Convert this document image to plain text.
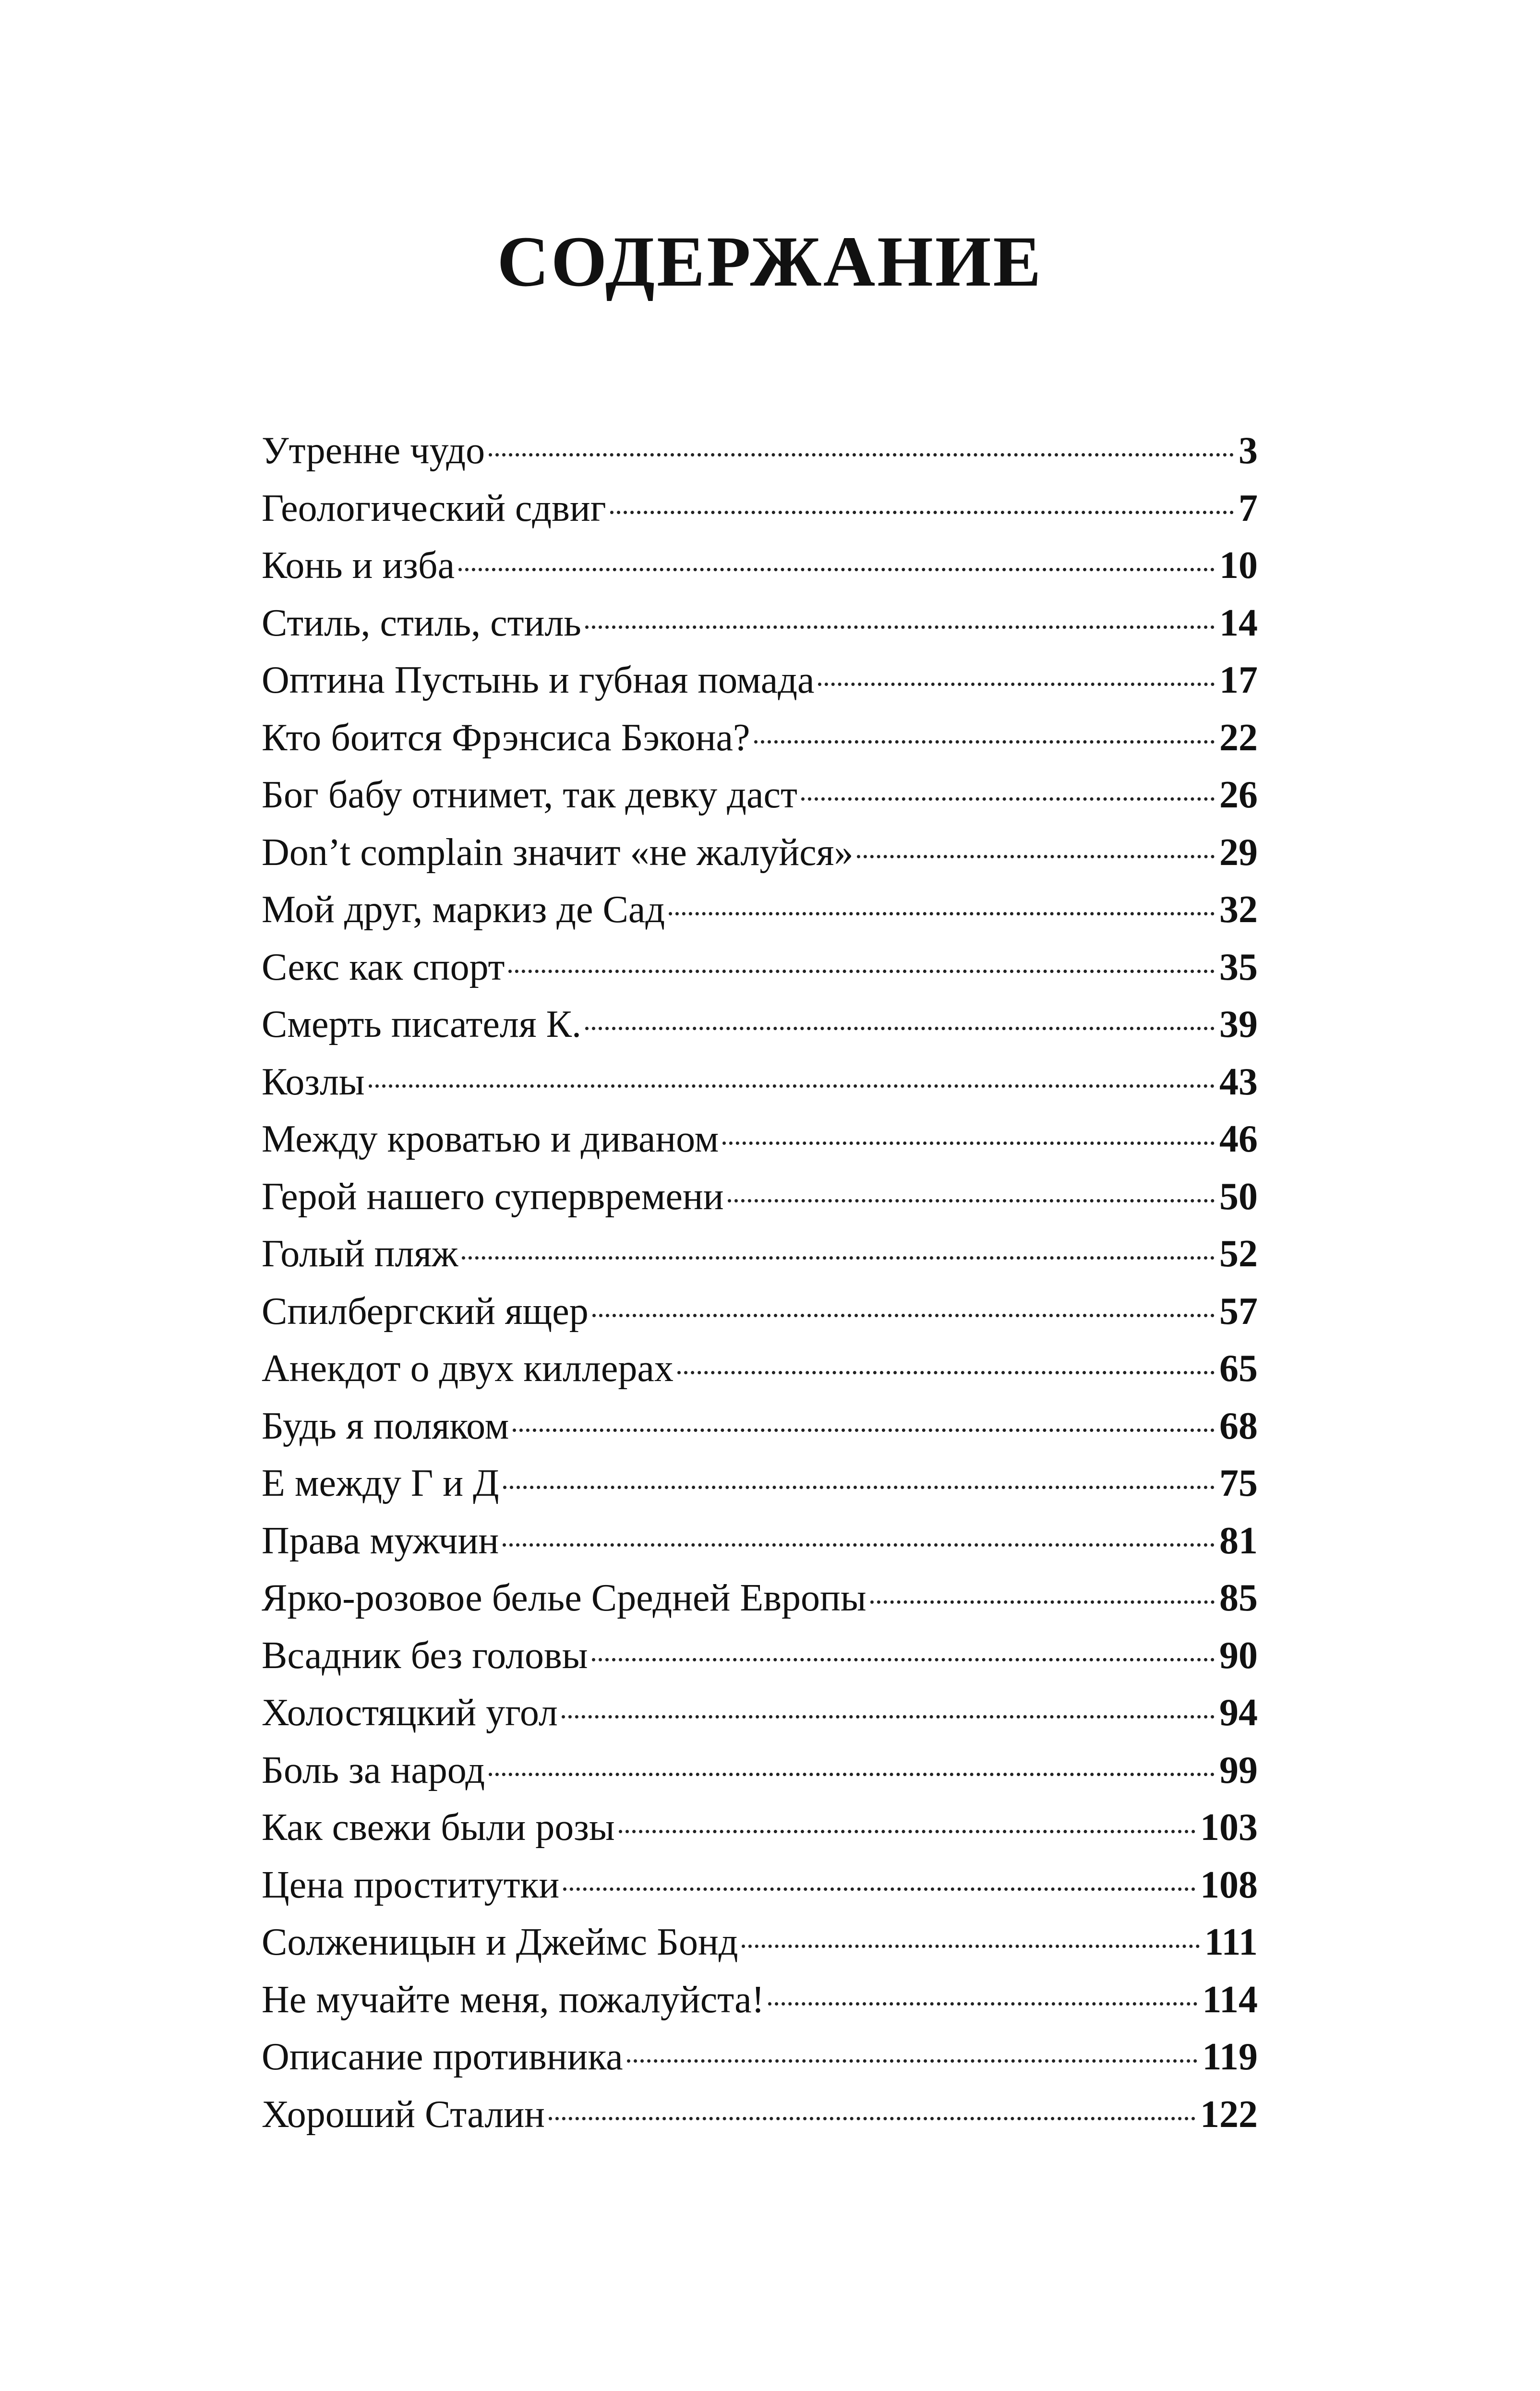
СОДЕРЖАНИЕ
Утренне чудо	3
Геологический сдвиг	7
Конь и изба	10
Стиль, стиль, стиль	14
Оптина Пустынь и губная помада	17
Кто боится Фрэнсиса Бэкона?	22
Бог бабу отнимет, так девку даст	26
Don’t complain значит «не жалуйся»	29
Мой друг, маркиз де Сад	32
Секс как спорт	35
Смерть писателя К.	39
Козлы	43
Между кроватью и диваном	46
Герой нашего супервремени	50
Голый пляж	52
Спилбергский ящер	57
Анекдот о двух киллерах	65
Будь я поляком	68
Е между Г и Д	75
Права мужчин	81
Ярко-розовое белье Средней Европы	85
Всадник без головы	90
Холостяцкий угол	94
Боль за народ	99
Как свежи были розы	103
Цена проститутки	108
Солженицын и Джеймс Бонд	111
Не мучайте меня, пожалуйста!	114
Описание противника	119
Хороший Сталин	122
